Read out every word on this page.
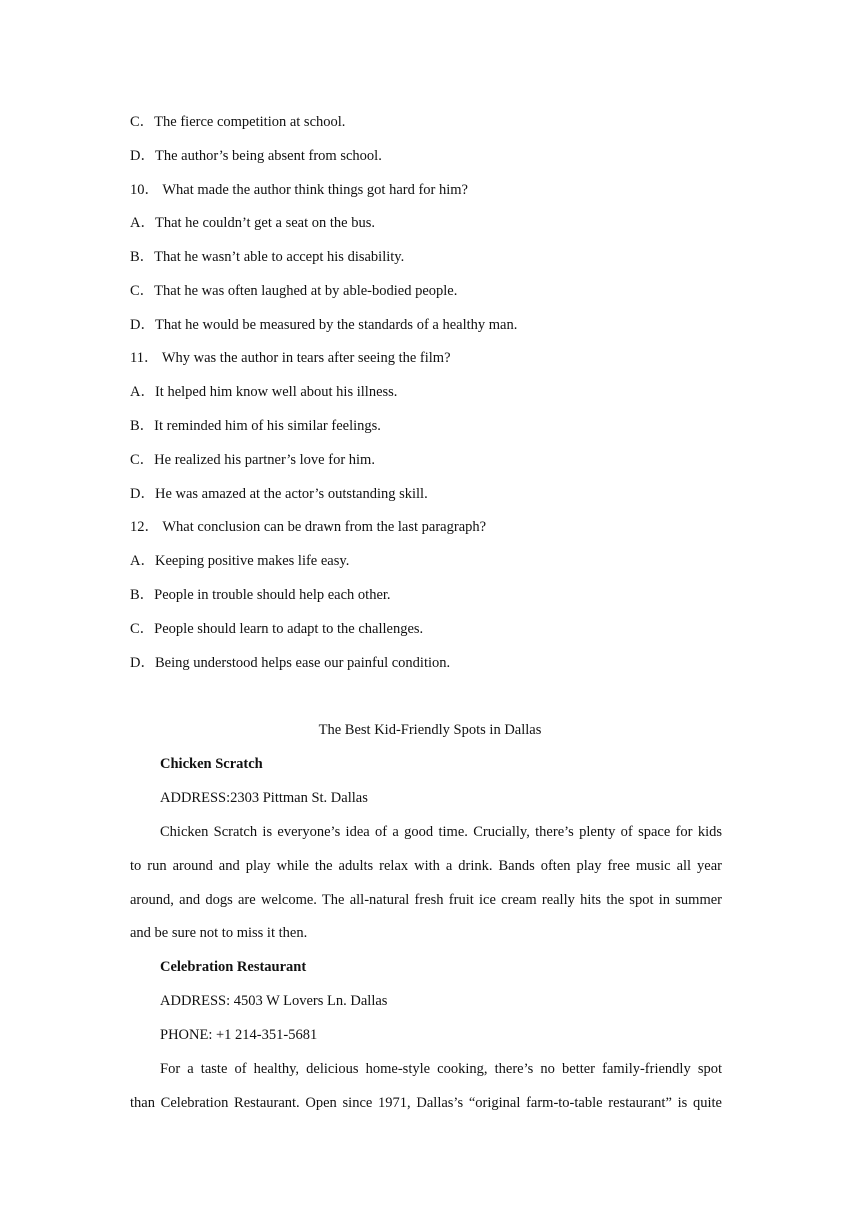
C．The fierce competition at school.
D．The author’s being absent from school.
10． What made the author think things got hard for him?
A．That he couldn’t get a seat on the bus.
B．That he wasn’t able to accept his disability.
C．That he was often laughed at by able-bodied people.
D．That he would be measured by the standards of a healthy man.
11． Why was the author in tears after seeing the film?
A．It helped him know well about his illness.
B．It reminded him of his similar feelings.
C．He realized his partner’s love for him.
D．He was amazed at the actor’s outstanding skill.
12． What conclusion can be drawn from the last paragraph?
A．Keeping positive makes life easy.
B．People in trouble should help each other.
C．People should learn to adapt to the challenges.
D．Being understood helps ease our painful condition.
The Best Kid-Friendly Spots in Dallas
Chicken Scratch
ADDRESS:2303 Pittman St. Dallas
Chicken Scratch is everyone’s idea of a good time. Crucially, there’s plenty of space for kids
to run around and play while the adults relax with a drink. Bands often play free music all year
around, and dogs are welcome. The all-natural fresh fruit ice cream really hits the spot in summer
and be sure not to miss it then.
Celebration Restaurant
ADDRESS: 4503 W Lovers Ln. Dallas
PHONE: +1 214-351-5681
For a taste of healthy, delicious home-style cooking, there’s no better family-friendly spot
than Celebration Restaurant. Open since 1971, Dallas’s “original farm-to-table restaurant” is quite
